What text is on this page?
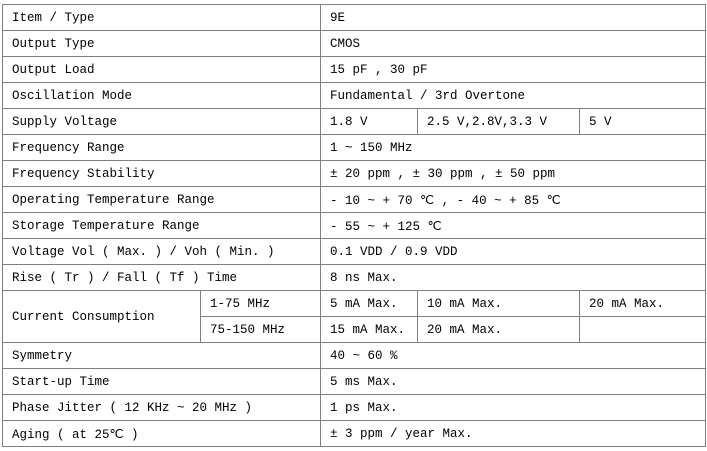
Item / Type		9E		
Output Type		CMOS		
Output Load		15 pF , 30 pF		
Oscillation Mode		Fundamental / 3rd Overtone		
Supply Voltage		1.8 V	2.5 V,2.8V,3.3 V	5 V
Frequency Range		1 ~ 150 MHz		
Frequency Stability		± 20 ppm , ± 30 ppm , ± 50 ppm		
Operating Temperature Range		- 10 ~ + 70 ℃ , - 40 ~ + 85 ℃		
Storage Temperature Range		- 55 ~ + 125 ℃		
Voltage Vol ( Max. ) / Voh ( Min. )		0.1 VDD / 0.9 VDD		
Rise ( Tr ) / Fall ( Tf ) Time		8 ns Max.		
Current Consumption	1-75 MHz	5 mA Max.	10 mA Max.	20 mA Max.
	75-150 MHz	15 mA Max.	20 mA Max.	
Symmetry		40 ~ 60 %		
Start-up Time		5 ms Max.		
Phase Jitter ( 12 KHz ~ 20 MHz )		1 ps Max.		
Aging ( at 25℃ )		± 3 ppm / year Max.		
